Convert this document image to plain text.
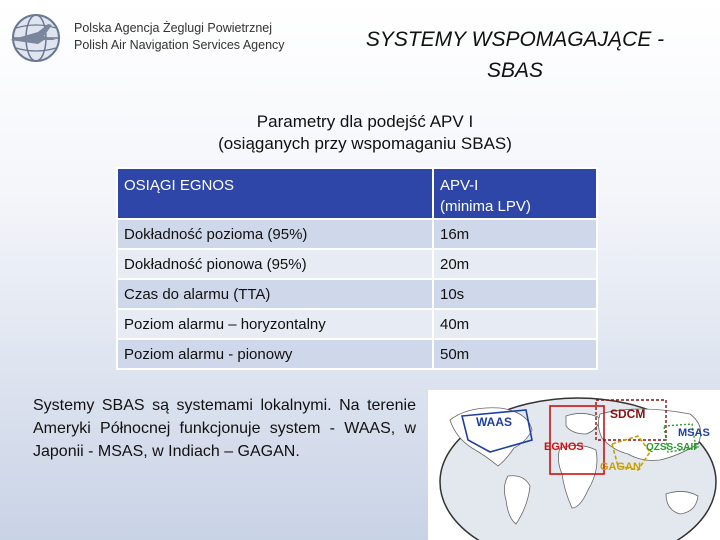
Polska Agencja Żeglugi Powietrznej
Polish Air Navigation Services Agency	SYSTEMY WSPOMAGAJĄCE -
SBAS
Parametry dla podejść APV I
(osiąganych przy wspomaganiu SBAS)
OSIĄGI EGNOS	APV-I
(minima LPV)

Dokładność pozioma (95%)	16m
Dokładność pionowa (95%)	20m
Czas do alarmu (TTA)	10s
Poziom alarmu – horyzontalny	40m
Poziom alarmu - pionowy	50m
Systemy SBAS są systemami lokalnymi. Na terenie Ameryki Północnej funkcjonuje system - WAAS, w Japonii - MSAS, w Indiach – GAGAN.
WAAS
EGNOS
SDCM
MSAS
QZSS-SAIF
GAGAN
